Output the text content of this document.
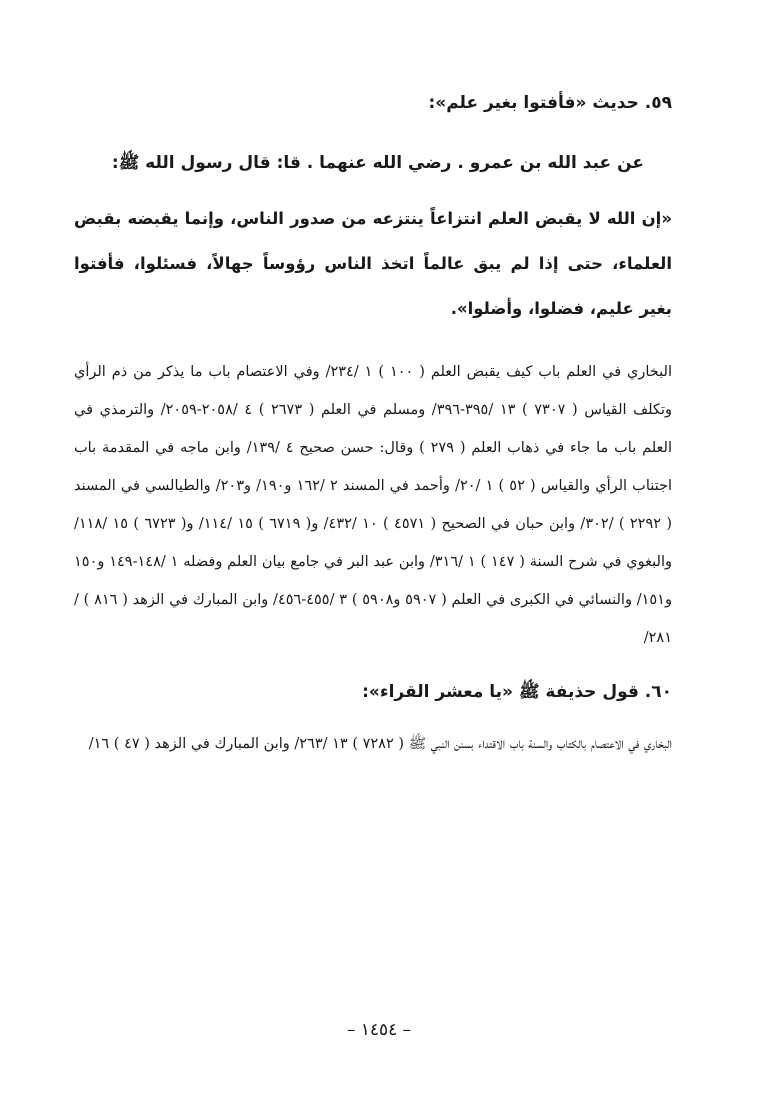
٥٩. حديث «فأفتوا بغير علم»:

عن عبد الله بن عمرو . رضي الله عنهما . قا: قال رسول الله ﷺ:

«إن الله لا يقبض العلم انتزاعاً ينتزعه من صدور الناس، وإنما يقبضه بقبض العلماء، حتى إذا لم يبق عالماً اتخذ الناس رؤوساً جهالاً، فسئلوا، فأفتوا بغير عليم، فضلوا، وأضلوا».

البخاري في العلم باب كيف يقبض العلم ( ١٠٠ ) ١ /٢٣٤/ وفي الاعتصام باب ما يذكر من ذم الرأي وتكلف القياس ( ٧٣٠٧ ) ١٣ /٣٩٥-٣٩٦/ ومسلم في العلم ( ٢٦٧٣ ) ٤ /٢٠٥٨-٢٠٥٩/ والترمذي في العلم باب ما جاء في ذهاب العلم ( ٢٧٩ ) وقال: حسن صحيح ٤ /١٣٩/ وابن ماجه في المقدمة باب اجتناب الرأي والقياس ( ٥٢ ) ١ /٢٠/ وأحمد في المسند ٢ /١٦٢ و١٩٠/ و٢٠٣/ والطيالسي في المسند ( ٢٢٩٢ ) /٣٠٢/ وابن حبان في الصحيح ( ٤٥٧١ ) ١٠ /٤٣٢/ و( ٦٧١٩ ) ١٥ /١١٤/ و( ٦٧٢٣ ) ١٥ /١١٨/ والبغوي في شرح السنة ( ١٤٧ ) ١ /٣١٦/ وابن عبد البر في جامع بيان العلم وفضله ١ /١٤٨-١٤٩ و١٥٠ و١٥١/ والنسائي في الكبرى في العلم ( ٥٩٠٧ و٥٩٠٨ ) ٣ /٤٥٥-٤٥٦/ وابن المبارك في الزهد ( ٨١٦ ) /٢٨١/

٦٠. قول حذيفة ﷺ «يا معشر القراء»:

البخاري في الاعتصام بالكتاب والسنة باب الاقتداء بسنن النبي ﷺ ( ٧٢٨٢ ) ١٣ /٢٦٣/ وابن المبارك في الزهد ( ٤٧ ) ١٦/

– ١٤٥٤ –
